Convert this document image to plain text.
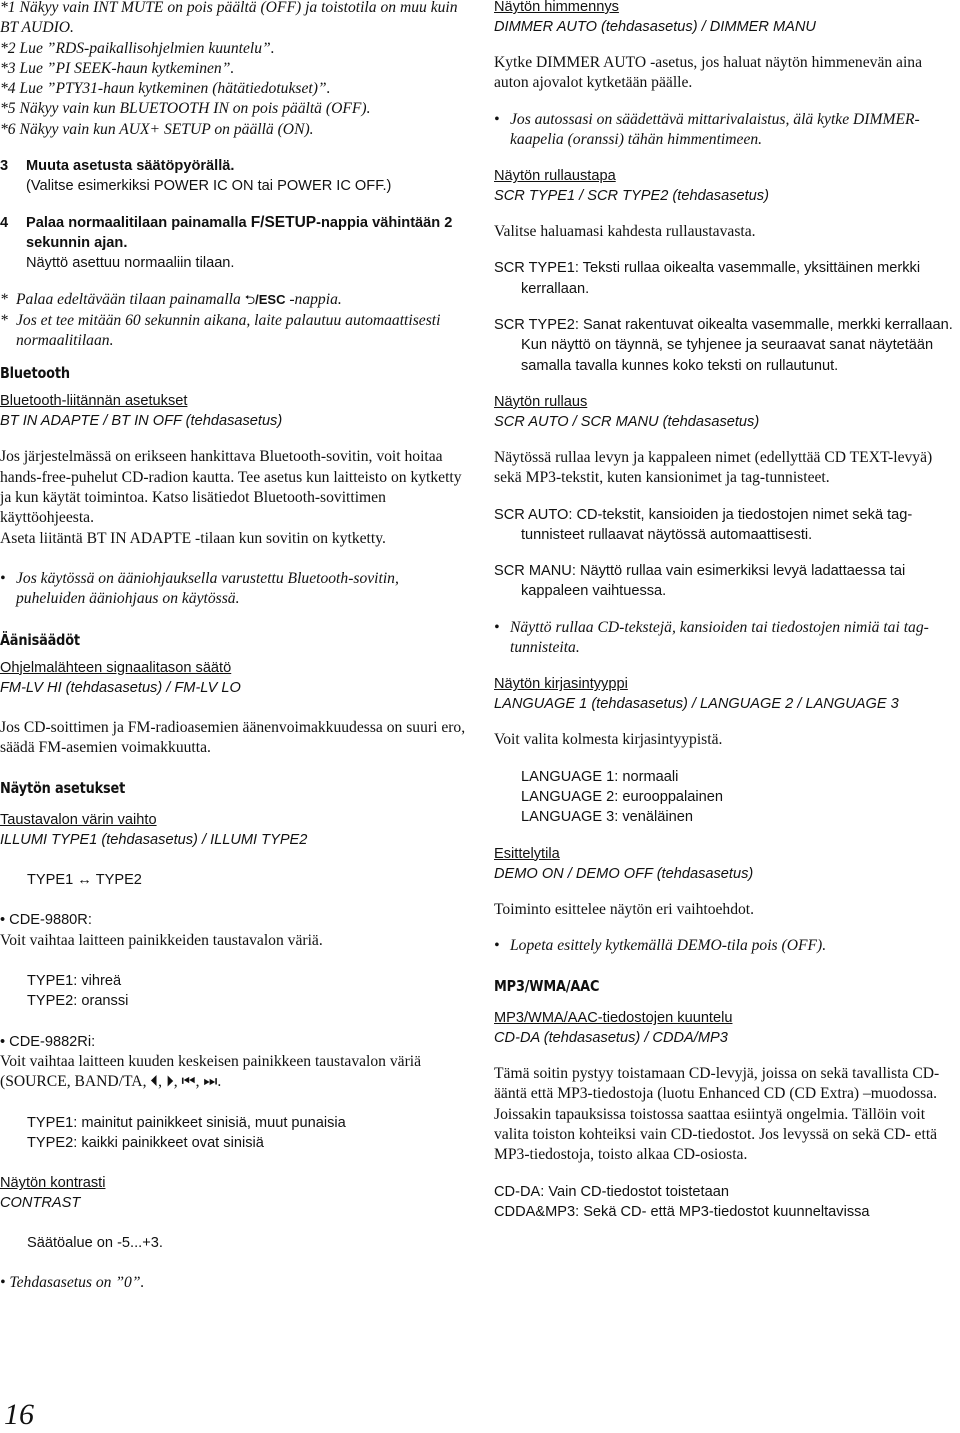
*1 Näkyy vain INT MUTE on pois päältä (OFF) ja toistotila on muu kuin BT AUDIO.

*2 Lue ”RDS-paikallisohjelmien kuuntelu”.

*3 Lue ”PI SEEK-haun kytkeminen”.

*4 Lue ”PTY31-haun kytkeminen (hätätiedotukset)”.

*5 Näkyy vain kun BLUETOOTH IN on pois päältä (OFF).

*6 Näkyy vain kun AUX+ SETUP on päällä (ON).

3 Muuta asetusta säätöpyörällä.
(Valitse esimerkiksi POWER IC ON tai POWER IC OFF.)
4 Palaa normaalitilaan painamalla F/SETUP-nappia vähintään 2 sekunnin ajan.
Näyttö asettuu normaaliin tilaan.
* Palaa edeltävään tilaan painamalla ⮌/ESC -nappia.
* Jos et tee mitään 60 sekunnin aikana, laite palautuu automaattisesti normaalitilaan.
Bluetooth
Bluetooth-liitännän asetukset
BT IN ADAPTE / BT IN OFF (tehdasasetus)

Jos järjestelmässä on erikseen hankittava Bluetooth-sovitin, voit hoitaa hands-free-puhelut CD-radion kautta. Tee asetus kun laitteisto on kytketty ja kun käytät toimintoa. Katso lisätiedot Bluetooth-sovittimen käyttöohjeesta.

Aseta liitäntä BT IN ADAPTE -tilaan kun sovitin on kytketty.

• Jos käytössä on ääniohjauksella varustettu Bluetooth-sovitin, puheluiden ääniohjaus on käytössä.
Äänisäädöt
Ohjelmalähteen signaalitason säätö
FM-LV HI (tehdasasetus) / FM-LV LO

Jos CD-soittimen ja FM-radioasemien äänenvoimakkuudessa on suuri ero, säädä FM-asemien voimakkuutta.

Näytön asetukset
Taustavalon värin vaihto
ILLUMI TYPE1 (tehdasasetus) / ILLUMI TYPE2
TYPE1 ↔ TYPE2
• CDE-9880R:

Voit vaihtaa laitteen painikkeiden taustavalon väriä.

TYPE1: vihreä
TYPE2: oranssi
• CDE-9882Ri:

Voit vaihtaa laitteen kuuden keskeisen painikkeen taustavalon väriä (SOURCE, BAND/TA, ⏴, ⏵, ⏮, ⏭.

TYPE1: mainitut painikkeet sinisiä, muut punaisia
TYPE2: kaikki painikkeet ovat sinisiä
Näytön kontrasti
CONTRAST
Säätöalue on -5...+3.
• Tehdasasetus on ”0”.
16
Näytön himmennys
DIMMER AUTO (tehdasasetus) / DIMMER MANU

Kytke DIMMER AUTO -asetus, jos haluat näytön himmenevän aina auton ajovalot kytketään päälle.

• Jos autossasi on säädettävä mittarivalaistus, älä kytke DIMMER-kaapelia (oranssi) tähän himmentimeen.
Näytön rullaustapa
SCR TYPE1 / SCR TYPE2 (tehdasasetus)

Valitse haluamasi kahdesta rullaustavasta.

SCR TYPE1: Teksti rullaa oikealta vasemmalle, yksittäinen merkki kerrallaan.

SCR TYPE2: Sanat rakentuvat oikealta vasemmalle, merkki kerrallaan. Kun näyttö on täynnä, se tyhjenee ja seuraavat sanat näytetään samalla tavalla kunnes koko teksti on rullautunut.

Näytön rullaus
SCR AUTO / SCR MANU (tehdasasetus)

Näytössä rullaa levyn ja kappaleen nimet (edellyttää CD TEXT-levyä) sekä MP3-tekstit, kuten kansionimet ja tag-tunnisteet.

SCR AUTO: CD-tekstit, kansioiden ja tiedostojen nimet sekä tag-tunnisteet rullaavat näytössä automaattisesti.

SCR MANU: Näyttö rullaa vain esimerkiksi levyä ladattaessa tai kappaleen vaihtuessa.

• Näyttö rullaa CD-tekstejä, kansioiden tai tiedostojen nimiä tai tag-tunnisteita.
Näytön kirjasintyyppi
LANGUAGE 1 (tehdasasetus) / LANGUAGE 2 / LANGUAGE 3

Voit valita kolmesta kirjasintyypistä.

LANGUAGE 1: normaali
LANGUAGE 2: eurooppalainen
LANGUAGE 3: venäläinen
Esittelytila
DEMO ON / DEMO OFF (tehdasasetus)

Toiminto esittelee näytön eri vaihtoehdot.

• Lopeta esittely kytkemällä DEMO-tila pois (OFF).
MP3/WMA/AAC
MP3/WMA/AAC-tiedostojen kuuntelu
CD-DA (tehdasasetus) / CDDA/MP3

Tämä soitin pystyy toistamaan CD-levyjä, joissa on sekä tavallista CD-ääntä että MP3-tiedostoja (luotu Enhanced CD (CD Extra) –muodossa. Joissakin tapauksissa toistossa saattaa esiintyä ongelmia. Tällöin voit valita toiston kohteiksi vain CD-tiedostot. Jos levyssä on sekä CD- että MP3-tiedostoja, toisto alkaa CD-osiosta.

CD-DA: Vain CD-tiedostot toistetaan
CDDA&MP3: Sekä CD- että MP3-tiedostot kuunneltavissa
